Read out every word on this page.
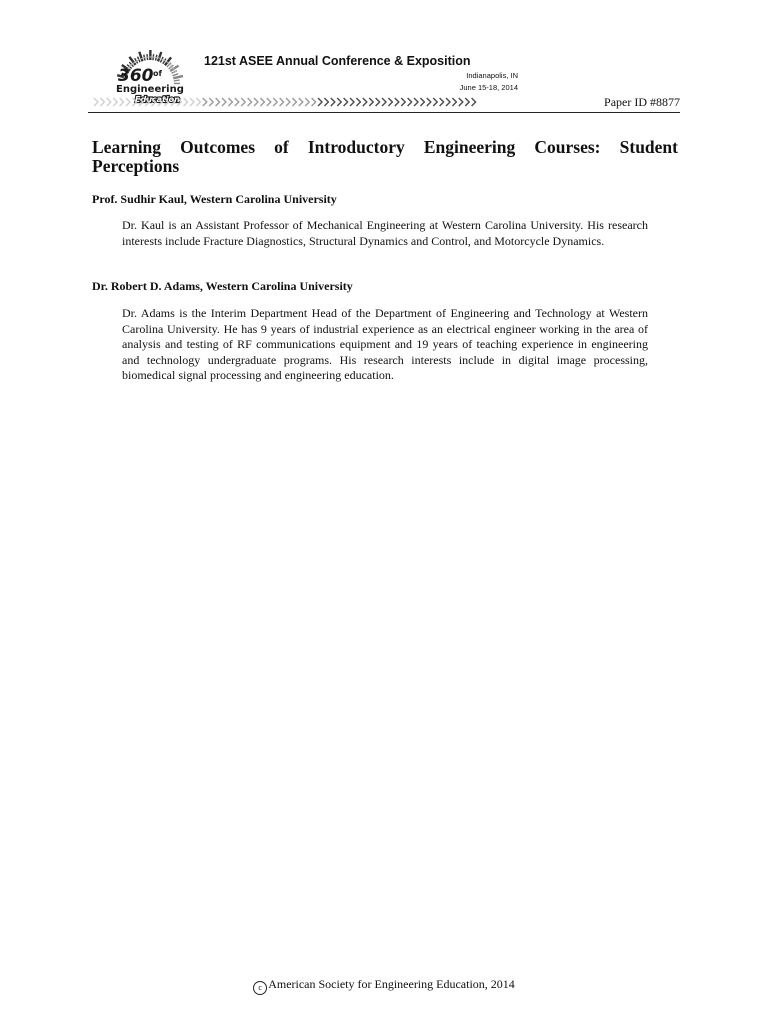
360 of
Engineering
Education
121st ASEE Annual Conference & Exposition
Indianapolis, IN
June 15-18, 2014
Paper ID #8877
Learning Outcomes of Introductory Engineering Courses: Student Perceptions

Prof. Sudhir Kaul, Western Carolina University

Dr. Kaul is an Assistant Professor of Mechanical Engineering at Western Carolina University. His research interests include Fracture Diagnostics, Structural Dynamics and Control, and Motorcycle Dynamics.

Dr. Robert D. Adams, Western Carolina University

Dr. Adams is the Interim Department Head of the Department of Engineering and Technology at Western Carolina University. He has 9 years of industrial experience as an electrical engineer working in the area of analysis and testing of RF communications equipment and 19 years of teaching experience in engineering and technology undergraduate programs. His research interests include in digital image processing, biomedical signal processing and engineering education.

c American Society for Engineering Education, 2014
